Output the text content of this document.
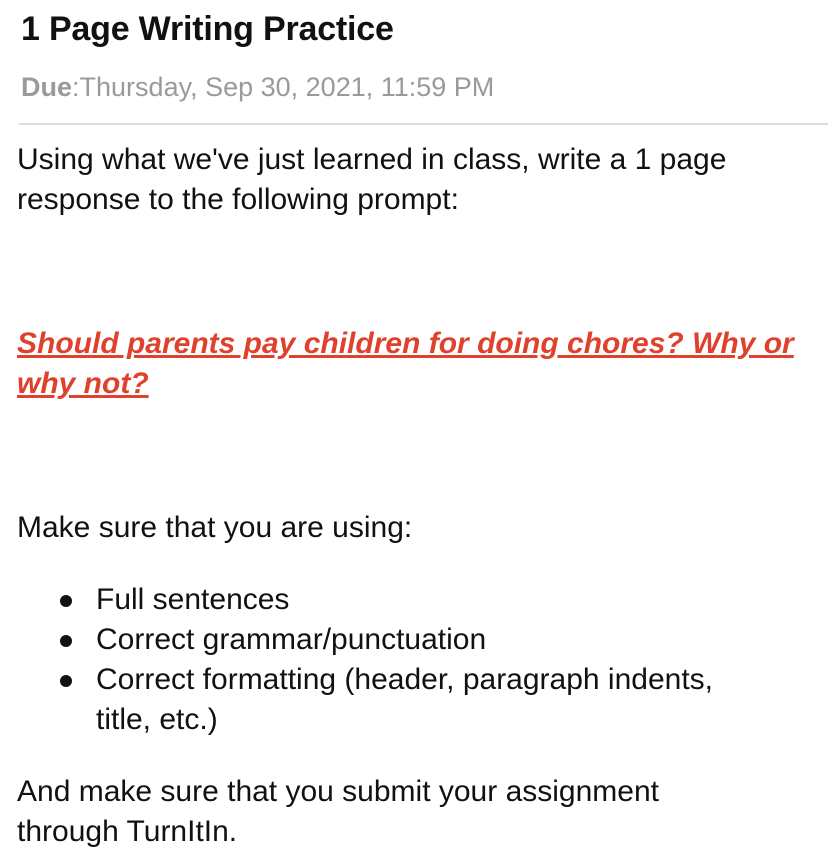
1 Page Writing Practice
Due:Thursday, Sep 30, 2021, 11:59 PM
Using what we've just learned in class, write a 1 page response to the following prompt:
Should parents pay children for doing chores? Why or why not?
Make sure that you are using:
Full sentences
Correct grammar/punctuation
Correct formatting (header, paragraph indents, title, etc.)
And make sure that you submit your assignment through TurnItIn.
